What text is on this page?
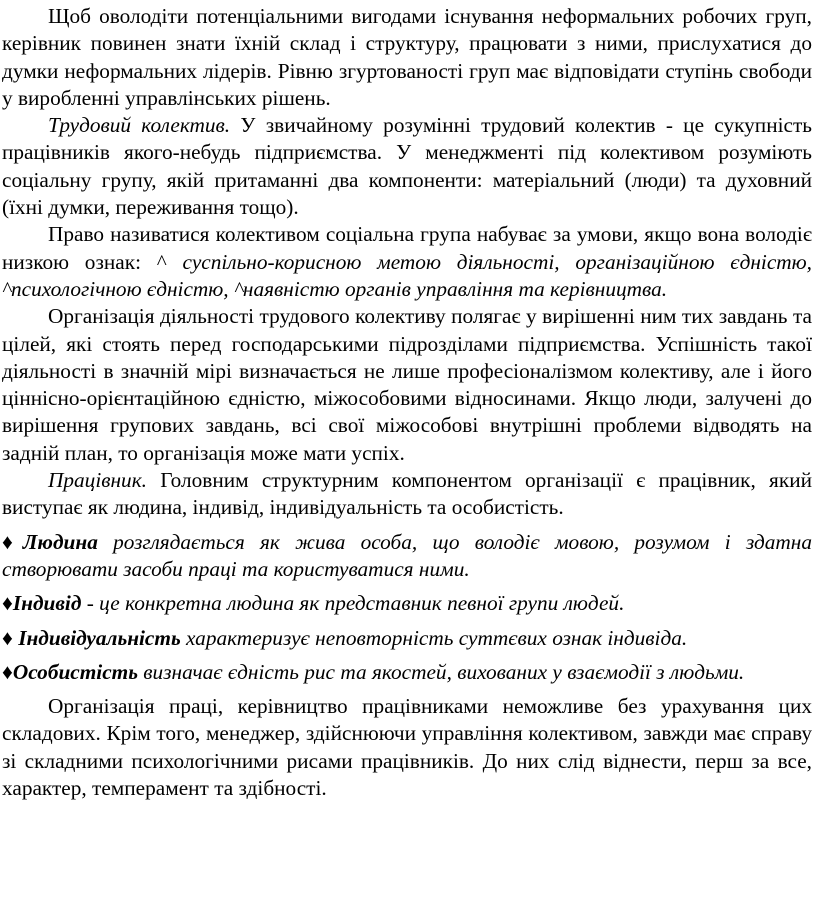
Щоб оволодіти потенціальними вигодами існування неформальних робочих груп, керівник повинен знати їхній склад і структуру, працювати з ними, прислухатися до думки неформальних лідерів. Рівню згуртованості груп має відповідати ступінь свободи у виробленні управлінських рішень.

Трудовий колектив. У звичайному розумінні трудовий колектив - це сукупність працівників якого-небудь підприємства. У менеджменті під колективом розуміють соціальну групу, якій притаманні два компоненти: матеріальний (люди) та духовний (їхні думки, переживання тощо).

Право називатися колективом соціальна група набуває за умови, якщо вона володіє низкою ознак: ^ суспільно-корисною метою діяльності, організаційною єдністю, ^психологічною єдністю, ^наявністю органів управління та керівництва.

Організація діяльності трудового колективу полягає у вирішенні ним тих завдань та цілей, які стоять перед господарськими підрозділами підприємства. Успішність такої діяльності в значній мірі визначається не лише професіоналізмом колективу, але і його ціннісно-орієнтаційною єдністю, міжособовими відносинами. Якщо люди, залучені до вирішення групових завдань, всі свої міжособові внутрішні проблеми відводять на задній план, то організація може мати успіх.

Працівник. Головним структурним компонентом організації є працівник, який виступає як людина, індивід, індивідуальність та особистість.

♦Людина розглядається як жива особа, що володіє мовою, розумом і здатна створювати засоби праці та користуватися ними.

♦Індивід - це конкретна людина як представник певної групи людей.

♦ Індивідуальність характеризує неповторність суттєвих ознак індивіда.

♦Особистість визначає єдність рис та якостей, вихованих у взаємодії з людьми.

Організація праці, керівництво працівниками неможливе без урахування цих складових. Крім того, менеджер, здійснюючи управління колективом, завжди має справу зі складними психологічними рисами працівників. До них слід віднести, перш за все, характер, темперамент та здібності.
